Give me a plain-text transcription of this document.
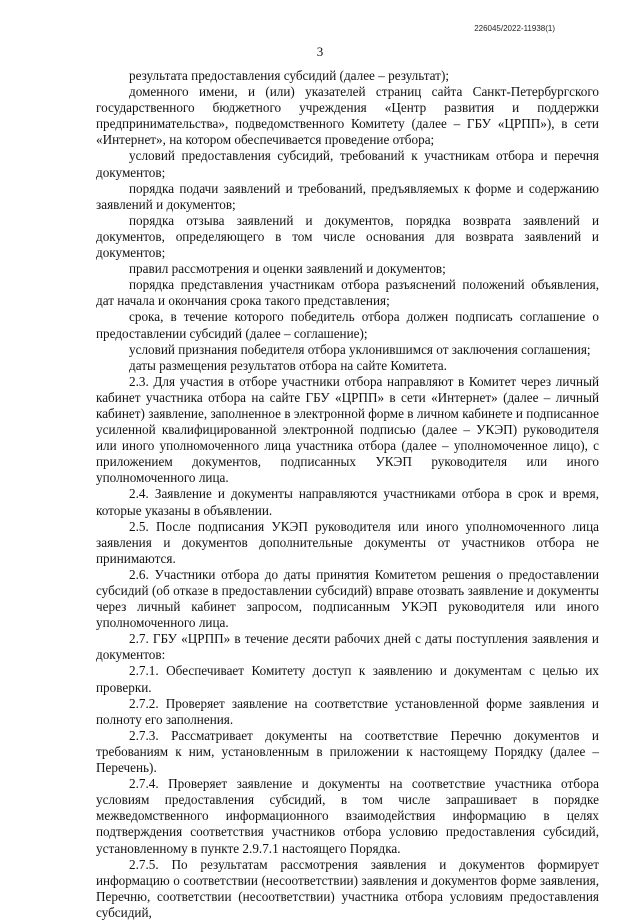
226045/2022-11938(1)
3

результата предоставления субсидий (далее – результат);

доменного имени, и (или) указателей страниц сайта Санкт-Петербургского государственного бюджетного учреждения «Центр развития и поддержки предпринимательства», подведомственного Комитету (далее – ГБУ «ЦРПП»), в сети «Интернет», на котором обеспечивается проведение отбора;

условий предоставления субсидий, требований к участникам отбора и перечня документов;

порядка подачи заявлений и требований, предъявляемых к форме и содержанию заявлений и документов;

порядка отзыва заявлений и документов, порядка возврата заявлений и документов, определяющего в том числе основания для возврата заявлений и документов;

правил рассмотрения и оценки заявлений и документов;

порядка представления участникам отбора разъяснений положений объявления, дат начала и окончания срока такого представления;

срока, в течение которого победитель отбора должен подписать соглашение о предоставлении субсидий (далее – соглашение);

условий признания победителя отбора уклонившимся от заключения соглашения;

даты размещения результатов отбора на сайте Комитета.

2.3. Для участия в отборе участники отбора направляют в Комитет через личный кабинет участника отбора на сайте ГБУ «ЦРПП» в сети «Интернет» (далее – личный кабинет) заявление, заполненное в электронной форме в личном кабинете и подписанное усиленной квалифицированной электронной подписью (далее – УКЭП) руководителя или иного уполномоченного лица участника отбора (далее – уполномоченное лицо), с приложением документов, подписанных УКЭП руководителя или иного уполномоченного лица.

2.4. Заявление и документы направляются участниками отбора в срок и время, которые указаны в объявлении.

2.5. После подписания УКЭП руководителя или иного уполномоченного лица заявления и документов дополнительные документы от участников отбора не принимаются.

2.6. Участники отбора до даты принятия Комитетом решения о предоставлении субсидий (об отказе в предоставлении субсидий) вправе отозвать заявление и документы через личный кабинет запросом, подписанным УКЭП руководителя или иного уполномоченного лица.

2.7. ГБУ «ЦРПП» в течение десяти рабочих дней с даты поступления заявления и документов:

2.7.1. Обеспечивает Комитету доступ к заявлению и документам с целью их проверки.

2.7.2. Проверяет заявление на соответствие установленной форме заявления и полноту его заполнения.

2.7.3. Рассматривает документы на соответствие Перечню документов и требованиям к ним, установленным в приложении к настоящему Порядку (далее – Перечень).

2.7.4. Проверяет заявление и документы на соответствие участника отбора условиям предоставления субсидий, в том числе запрашивает в порядке межведомственного информационного взаимодействия информацию в целях подтверждения соответствия участников отбора условию предоставления субсидий, установленному в пункте 2.9.7.1 настоящего Порядка.

2.7.5. По результатам рассмотрения заявления и документов формирует информацию о соответствии (несоответствии) заявления и документов форме заявления, Перечню, соответствии (несоответствии) участника отбора условиям предоставления субсидий,
